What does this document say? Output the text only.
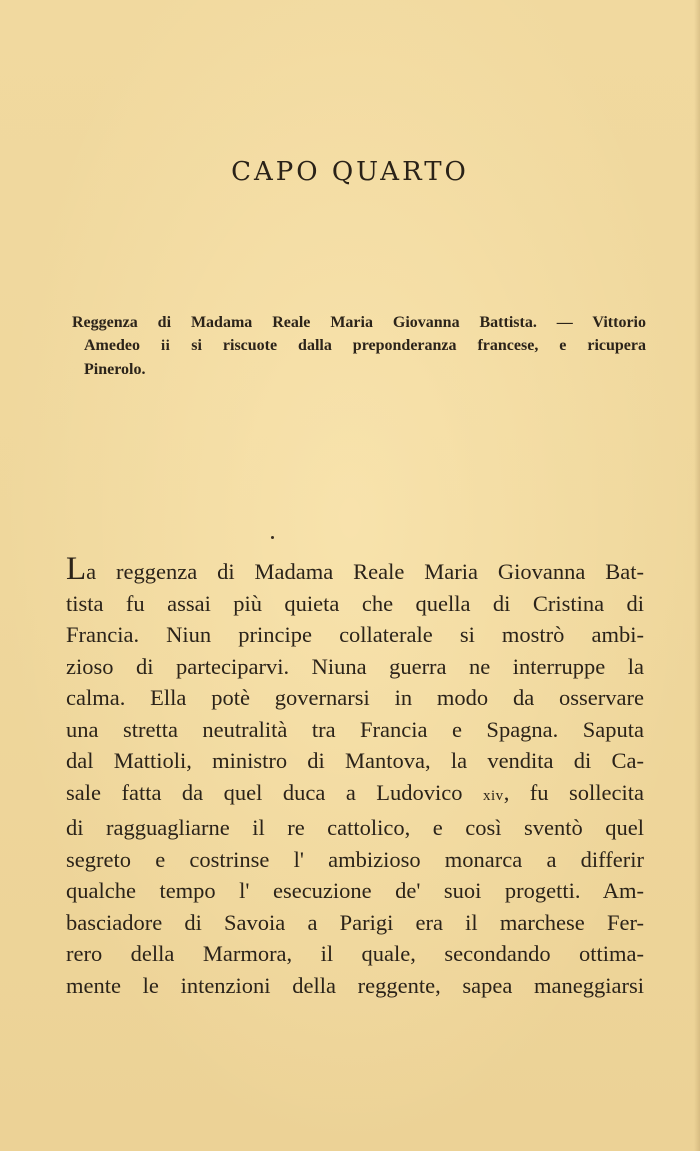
CAPO QUARTO
Reggenza di Madama Reale Maria Giovanna Battista. — Vittorio
Amedeo ii si riscuote dalla preponderanza francese, e ricupera
Pinerolo.
La reggenza di Madama Reale Maria Giovanna Bat-
tista fu assai più quieta che quella di Cristina di
Francia. Niun principe collaterale si mostrò ambi-
zioso di parteciparvi. Niuna guerra ne interruppe la
calma. Ella potè governarsi in modo da osservare
una stretta neutralità tra Francia e Spagna. Saputa
dal Mattioli, ministro di Mantova, la vendita di Ca-
sale fatta da quel duca a Ludovico xiv, fu sollecita
di ragguagliarne il re cattolico, e così sventò quel
segreto e costrinse l' ambizioso monarca a differir
qualche tempo l' esecuzione de' suoi progetti. Am-
basciadore di Savoia a Parigi era il marchese Fer-
rero della Marmora, il quale, secondando ottima-
mente le intenzioni della reggente, sapea maneggiarsi
